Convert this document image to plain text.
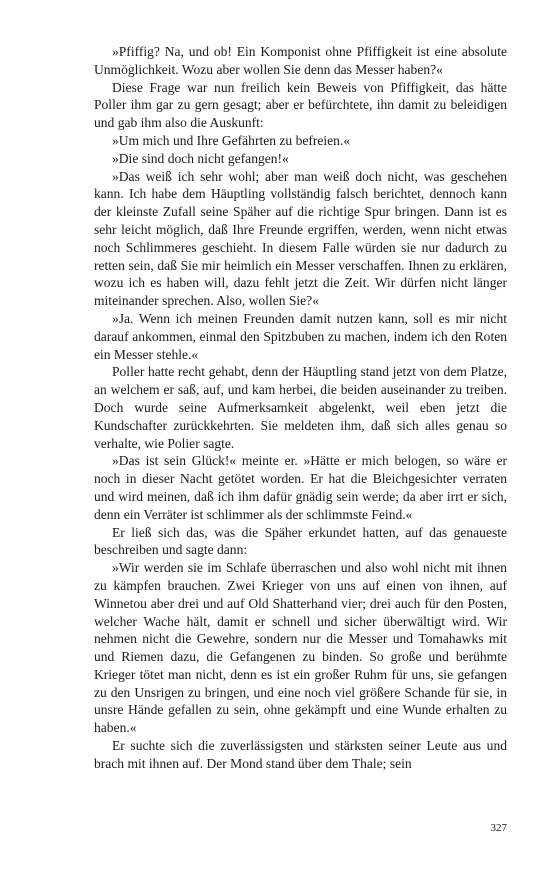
»Pfiffig? Na, und ob! Ein Komponist ohne Pfiffigkeit ist eine absolute Unmöglichkeit. Wozu aber wollen Sie denn das Messer haben?«

Diese Frage war nun freilich kein Beweis von Pfiffigkeit, das hätte Poller ihm gar zu gern gesagt; aber er befürchtete, ihn damit zu beleidigen und gab ihm also die Auskunft:

»Um mich und Ihre Gefährten zu befreien.«

»Die sind doch nicht gefangen!«

»Das weiß ich sehr wohl; aber man weiß doch nicht, was geschehen kann. Ich habe dem Häuptling vollständig falsch berichtet, dennoch kann der kleinste Zufall seine Späher auf die richtige Spur bringen. Dann ist es sehr leicht möglich, daß Ihre Freunde ergriffen, werden, wenn nicht etwas noch Schlimmeres geschieht. In diesem Falle würden sie nur dadurch zu retten sein, daß Sie mir heimlich ein Messer verschaffen. Ihnen zu erklären, wozu ich es haben will, dazu fehlt jetzt die Zeit. Wir dürfen nicht länger miteinander sprechen. Also, wollen Sie?«

»Ja. Wenn ich meinen Freunden damit nutzen kann, soll es mir nicht darauf ankommen, einmal den Spitzbuben zu machen, indem ich den Roten ein Messer stehle.«

Poller hatte recht gehabt, denn der Häuptling stand jetzt von dem Platze, an welchem er saß, auf, und kam herbei, die beiden auseinander zu treiben. Doch wurde seine Aufmerksamkeit abgelenkt, weil eben jetzt die Kundschafter zurückkehrten. Sie meldeten ihm, daß sich alles genau so verhalte, wie Polier sagte.

»Das ist sein Glück!« meinte er. »Hätte er mich belogen, so wäre er noch in dieser Nacht getötet worden. Er hat die Bleichgesichter verraten und wird meinen, daß ich ihm dafür gnädig sein werde; da aber irrt er sich, denn ein Verräter ist schlimmer als der schlimmste Feind.«

Er ließ sich das, was die Späher erkundet hatten, auf das genaueste beschreiben und sagte dann:

»Wir werden sie im Schlafe überraschen und also wohl nicht mit ihnen zu kämpfen brauchen. Zwei Krieger von uns auf einen von ihnen, auf Winnetou aber drei und auf Old Shatterhand vier; drei auch für den Posten, welcher Wache hält, damit er schnell und sicher überwältigt wird. Wir nehmen nicht die Gewehre, sondern nur die Messer und Tomahawks mit und Riemen dazu, die Gefangenen zu binden. So große und berühmte Krieger tötet man nicht, denn es ist ein großer Ruhm für uns, sie gefangen zu den Unsrigen zu bringen, und eine noch viel größere Schande für sie, in unsre Hände gefallen zu sein, ohne gekämpft und eine Wunde erhalten zu haben.«

Er suchte sich die zuverlässigsten und stärksten seiner Leute aus und brach mit ihnen auf. Der Mond stand über dem Thale; sein

327
